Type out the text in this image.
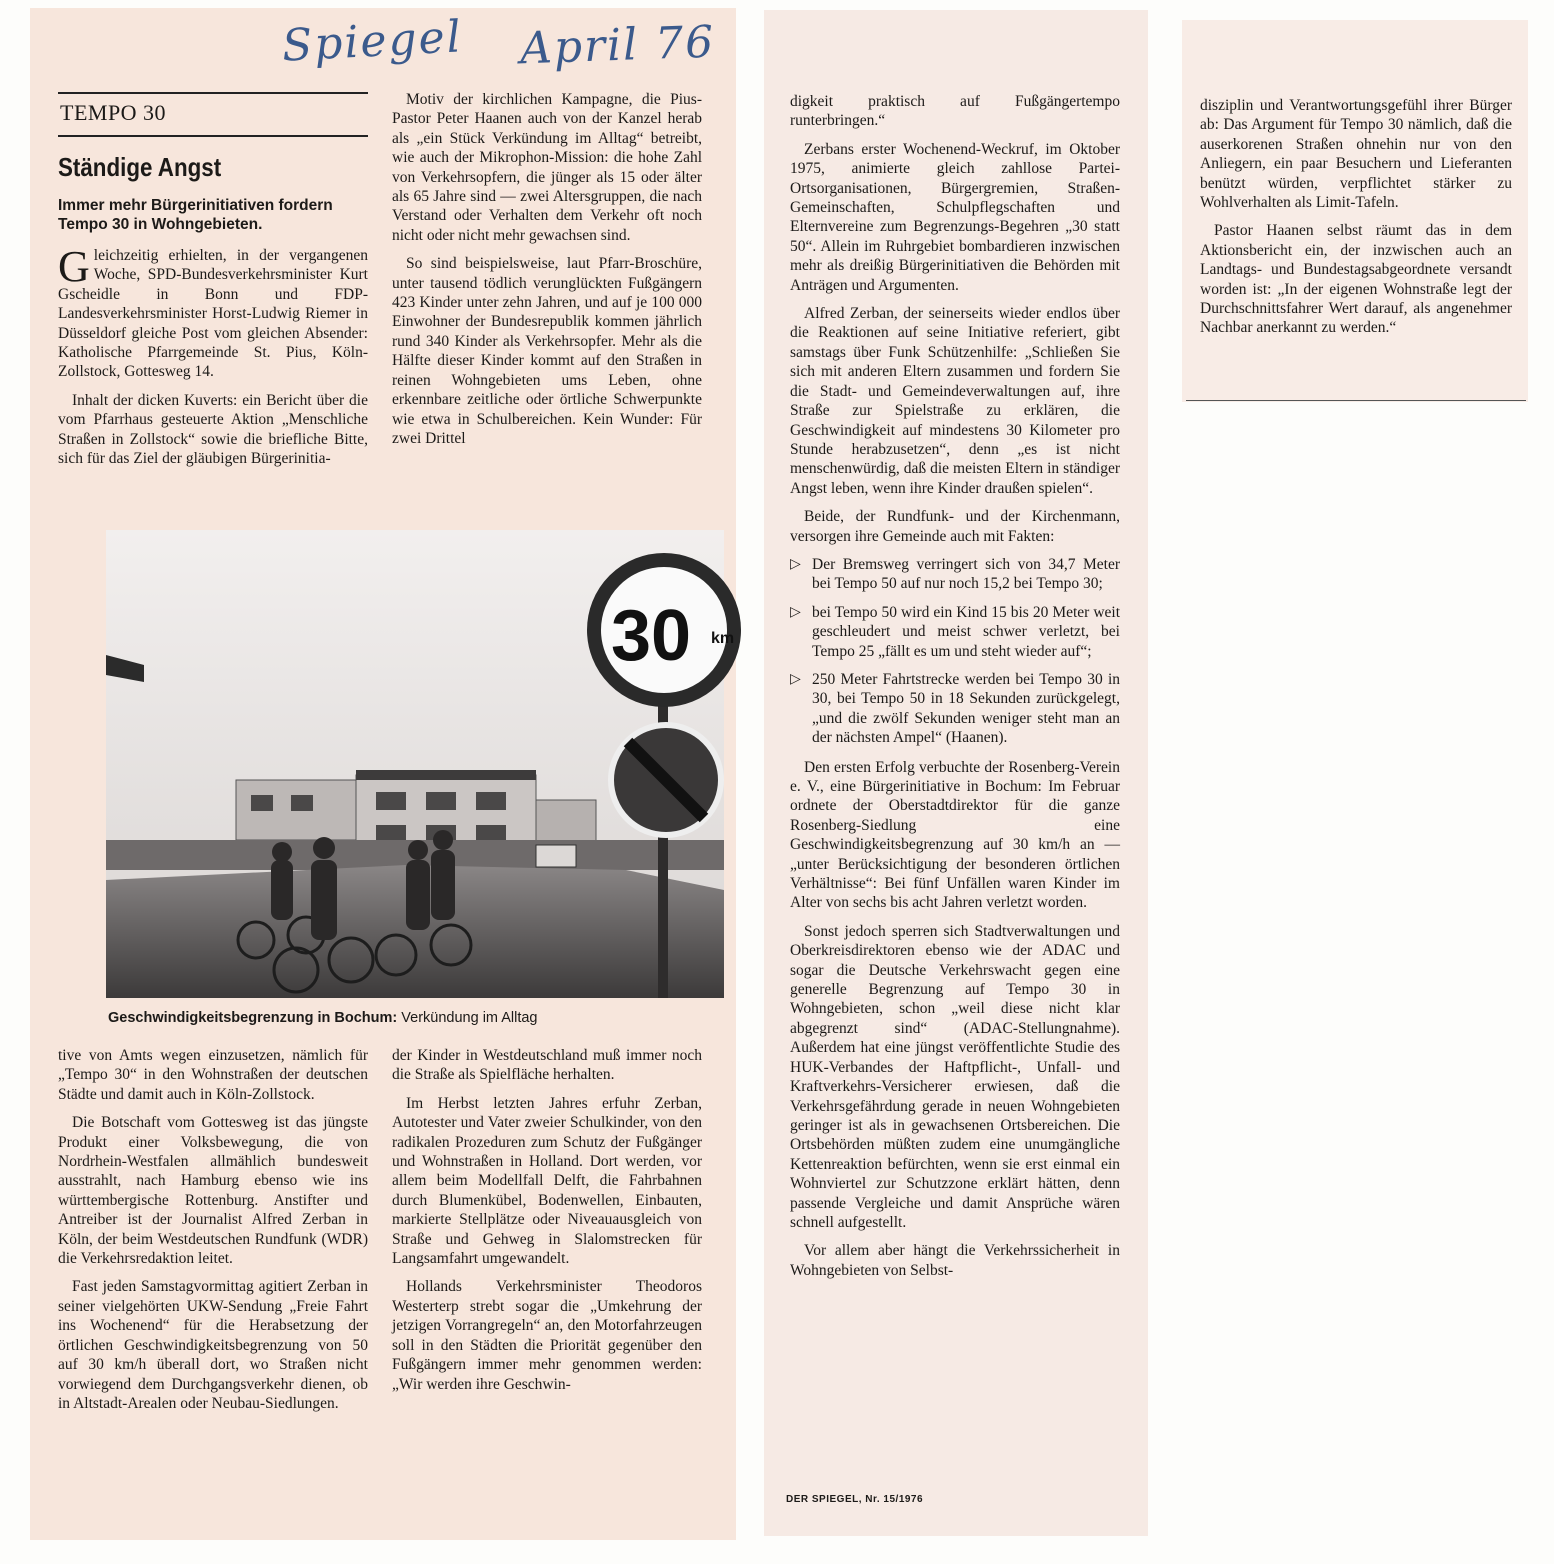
Spiegel April 76
TEMPO 30
Ständige Angst
Immer mehr Bürgerinitiativen fordern Tempo 30 in Wohngebieten.

Gleichzeitig erhielten, in der vergangenen Woche, SPD-Bundesverkehrsminister Kurt Gscheidle in Bonn und FDP-Landesverkehrsminister Horst-Ludwig Riemer in Düsseldorf gleiche Post vom gleichen Absender: Katholische Pfarrgemeinde St. Pius, Köln-Zollstock, Gottesweg 14.

Inhalt der dicken Kuverts: ein Bericht über die vom Pfarrhaus gesteuerte Aktion „Menschliche Straßen in Zollstock“ sowie die briefliche Bitte, sich für das Ziel der gläubigen Bürgerinitia-

Motiv der kirchlichen Kampagne, die Pius-Pastor Peter Haanen auch von der Kanzel herab als „ein Stück Verkündung im Alltag“ betreibt, wie auch der Mikrophon-Mission: die hohe Zahl von Verkehrsopfern, die jünger als 15 oder älter als 65 Jahre sind — zwei Altersgruppen, die nach Verstand oder Verhalten dem Verkehr oft noch nicht oder nicht mehr gewachsen sind.

So sind beispielsweise, laut Pfarr-Broschüre, unter tausend tödlich verunglückten Fußgängern 423 Kinder unter zehn Jahren, und auf je 100 000 Einwohner der Bundesrepublik kommen jährlich rund 340 Kinder als Verkehrsopfer. Mehr als die Hälfte dieser Kinder kommt auf den Straßen in reinen Wohngebieten ums Leben, ohne erkennbare zeitliche oder örtliche Schwerpunkte wie etwa in Schulbereichen. Kein Wunder: Für zwei Drittel

30 km
Geschwindigkeitsbegrenzung in Bochum: Verkündung im Alltag

tive von Amts wegen einzusetzen, nämlich für „Tempo 30“ in den Wohnstraßen der deutschen Städte und damit auch in Köln-Zollstock.

Die Botschaft vom Gottesweg ist das jüngste Produkt einer Volksbewegung, die von Nordrhein-Westfalen allmählich bundesweit ausstrahlt, nach Hamburg ebenso wie ins württembergische Rottenburg. Anstifter und Antreiber ist der Journalist Alfred Zerban in Köln, der beim Westdeutschen Rundfunk (WDR) die Verkehrsredaktion leitet.

Fast jeden Samstagvormittag agitiert Zerban in seiner vielgehörten UKW-Sendung „Freie Fahrt ins Wochenend“ für die Herabsetzung der örtlichen Geschwindigkeitsbegrenzung von 50 auf 30 km/h überall dort, wo Straßen nicht vorwiegend dem Durchgangsverkehr dienen, ob in Altstadt-Arealen oder Neubau-Siedlungen.

der Kinder in Westdeutschland muß immer noch die Straße als Spielfläche herhalten.

Im Herbst letzten Jahres erfuhr Zerban, Autotester und Vater zweier Schulkinder, von den radikalen Prozeduren zum Schutz der Fußgänger und Wohnstraßen in Holland. Dort werden, vor allem beim Modellfall Delft, die Fahrbahnen durch Blumenkübel, Bodenwellen, Einbauten, markierte Stellplätze oder Niveauausgleich von Straße und Gehweg in Slalomstrecken für Langsamfahrt umgewandelt.

Hollands Verkehrsminister Theodoros Westerterp strebt sogar die „Umkehrung der jetzigen Vorrangregeln“ an, den Motorfahrzeugen soll in den Städten die Priorität gegenüber den Fußgängern immer mehr genommen werden: „Wir werden ihre Geschwin-

digkeit praktisch auf Fußgängertempo runterbringen.“

Zerbans erster Wochenend-Weckruf, im Oktober 1975, animierte gleich zahllose Partei-Ortsorganisationen, Bürgergremien, Straßen-Gemeinschaften, Schulpflegschaften und Elternvereine zum Begrenzungs-Begehren „30 statt 50“. Allein im Ruhrgebiet bombardieren inzwischen mehr als dreißig Bürgerinitiativen die Behörden mit Anträgen und Argumenten.

Alfred Zerban, der seinerseits wieder endlos über die Reaktionen auf seine Initiative referiert, gibt samstags über Funk Schützenhilfe: „Schließen Sie sich mit anderen Eltern zusammen und fordern Sie die Stadt- und Gemeindeverwaltungen auf, ihre Straße zur Spielstraße zu erklären, die Geschwindigkeit auf mindestens 30 Kilometer pro Stunde herabzusetzen“, denn „es ist nicht menschenwürdig, daß die meisten Eltern in ständiger Angst leben, wenn ihre Kinder draußen spielen“.

Beide, der Rundfunk- und der Kirchenmann, versorgen ihre Gemeinde auch mit Fakten:

▷ Der Bremsweg verringert sich von 34,7 Meter bei Tempo 50 auf nur noch 15,2 bei Tempo 30;
▷ bei Tempo 50 wird ein Kind 15 bis 20 Meter weit geschleudert und meist schwer verletzt, bei Tempo 25 „fällt es um und steht wieder auf“;
▷ 250 Meter Fahrtstrecke werden bei Tempo 30 in 30, bei Tempo 50 in 18 Sekunden zurückgelegt, „und die zwölf Sekunden weniger steht man an der nächsten Ampel“ (Haanen).

Den ersten Erfolg verbuchte der Rosenberg-Verein e. V., eine Bürgerinitiative in Bochum: Im Februar ordnete der Oberstadtdirektor für die ganze Rosenberg-Siedlung eine Geschwindigkeitsbegrenzung auf 30 km/h an — „unter Berücksichtigung der besonderen örtlichen Verhältnisse“: Bei fünf Unfällen waren Kinder im Alter von sechs bis acht Jahren verletzt worden.

Sonst jedoch sperren sich Stadtverwaltungen und Oberkreisdirektoren ebenso wie der ADAC und sogar die Deutsche Verkehrswacht gegen eine generelle Begrenzung auf Tempo 30 in Wohngebieten, schon „weil diese nicht klar abgegrenzt sind“ (ADAC-Stellungnahme). Außerdem hat eine jüngst veröffentlichte Studie des HUK-Verbandes der Haftpflicht-, Unfall- und Kraftverkehrs-Versicherer erwiesen, daß die Verkehrsgefährdung gerade in neuen Wohngebieten geringer ist als in gewachsenen Ortsbereichen. Die Ortsbehörden müßten zudem eine unumgängliche Kettenreaktion befürchten, wenn sie erst einmal ein Wohnviertel zur Schutzzone erklärt hätten, denn passende Vergleiche und damit Ansprüche wären schnell aufgestellt.

Vor allem aber hängt die Verkehrssicherheit in Wohngebieten von Selbst-

DER SPIEGEL, Nr. 15/1976

disziplin und Verantwortungsgefühl ihrer Bürger ab: Das Argument für Tempo 30 nämlich, daß die auserkorenen Straßen ohnehin nur von den Anliegern, ein paar Besuchern und Lieferanten benützt würden, verpflichtet stärker zu Wohlverhalten als Limit-Tafeln.

Pastor Haanen selbst räumt das in dem Aktionsbericht ein, der inzwischen auch an Landtags- und Bundestagsabgeordnete versandt worden ist: „In der eigenen Wohnstraße legt der Durchschnittsfahrer Wert darauf, als angenehmer Nachbar anerkannt zu werden.“
